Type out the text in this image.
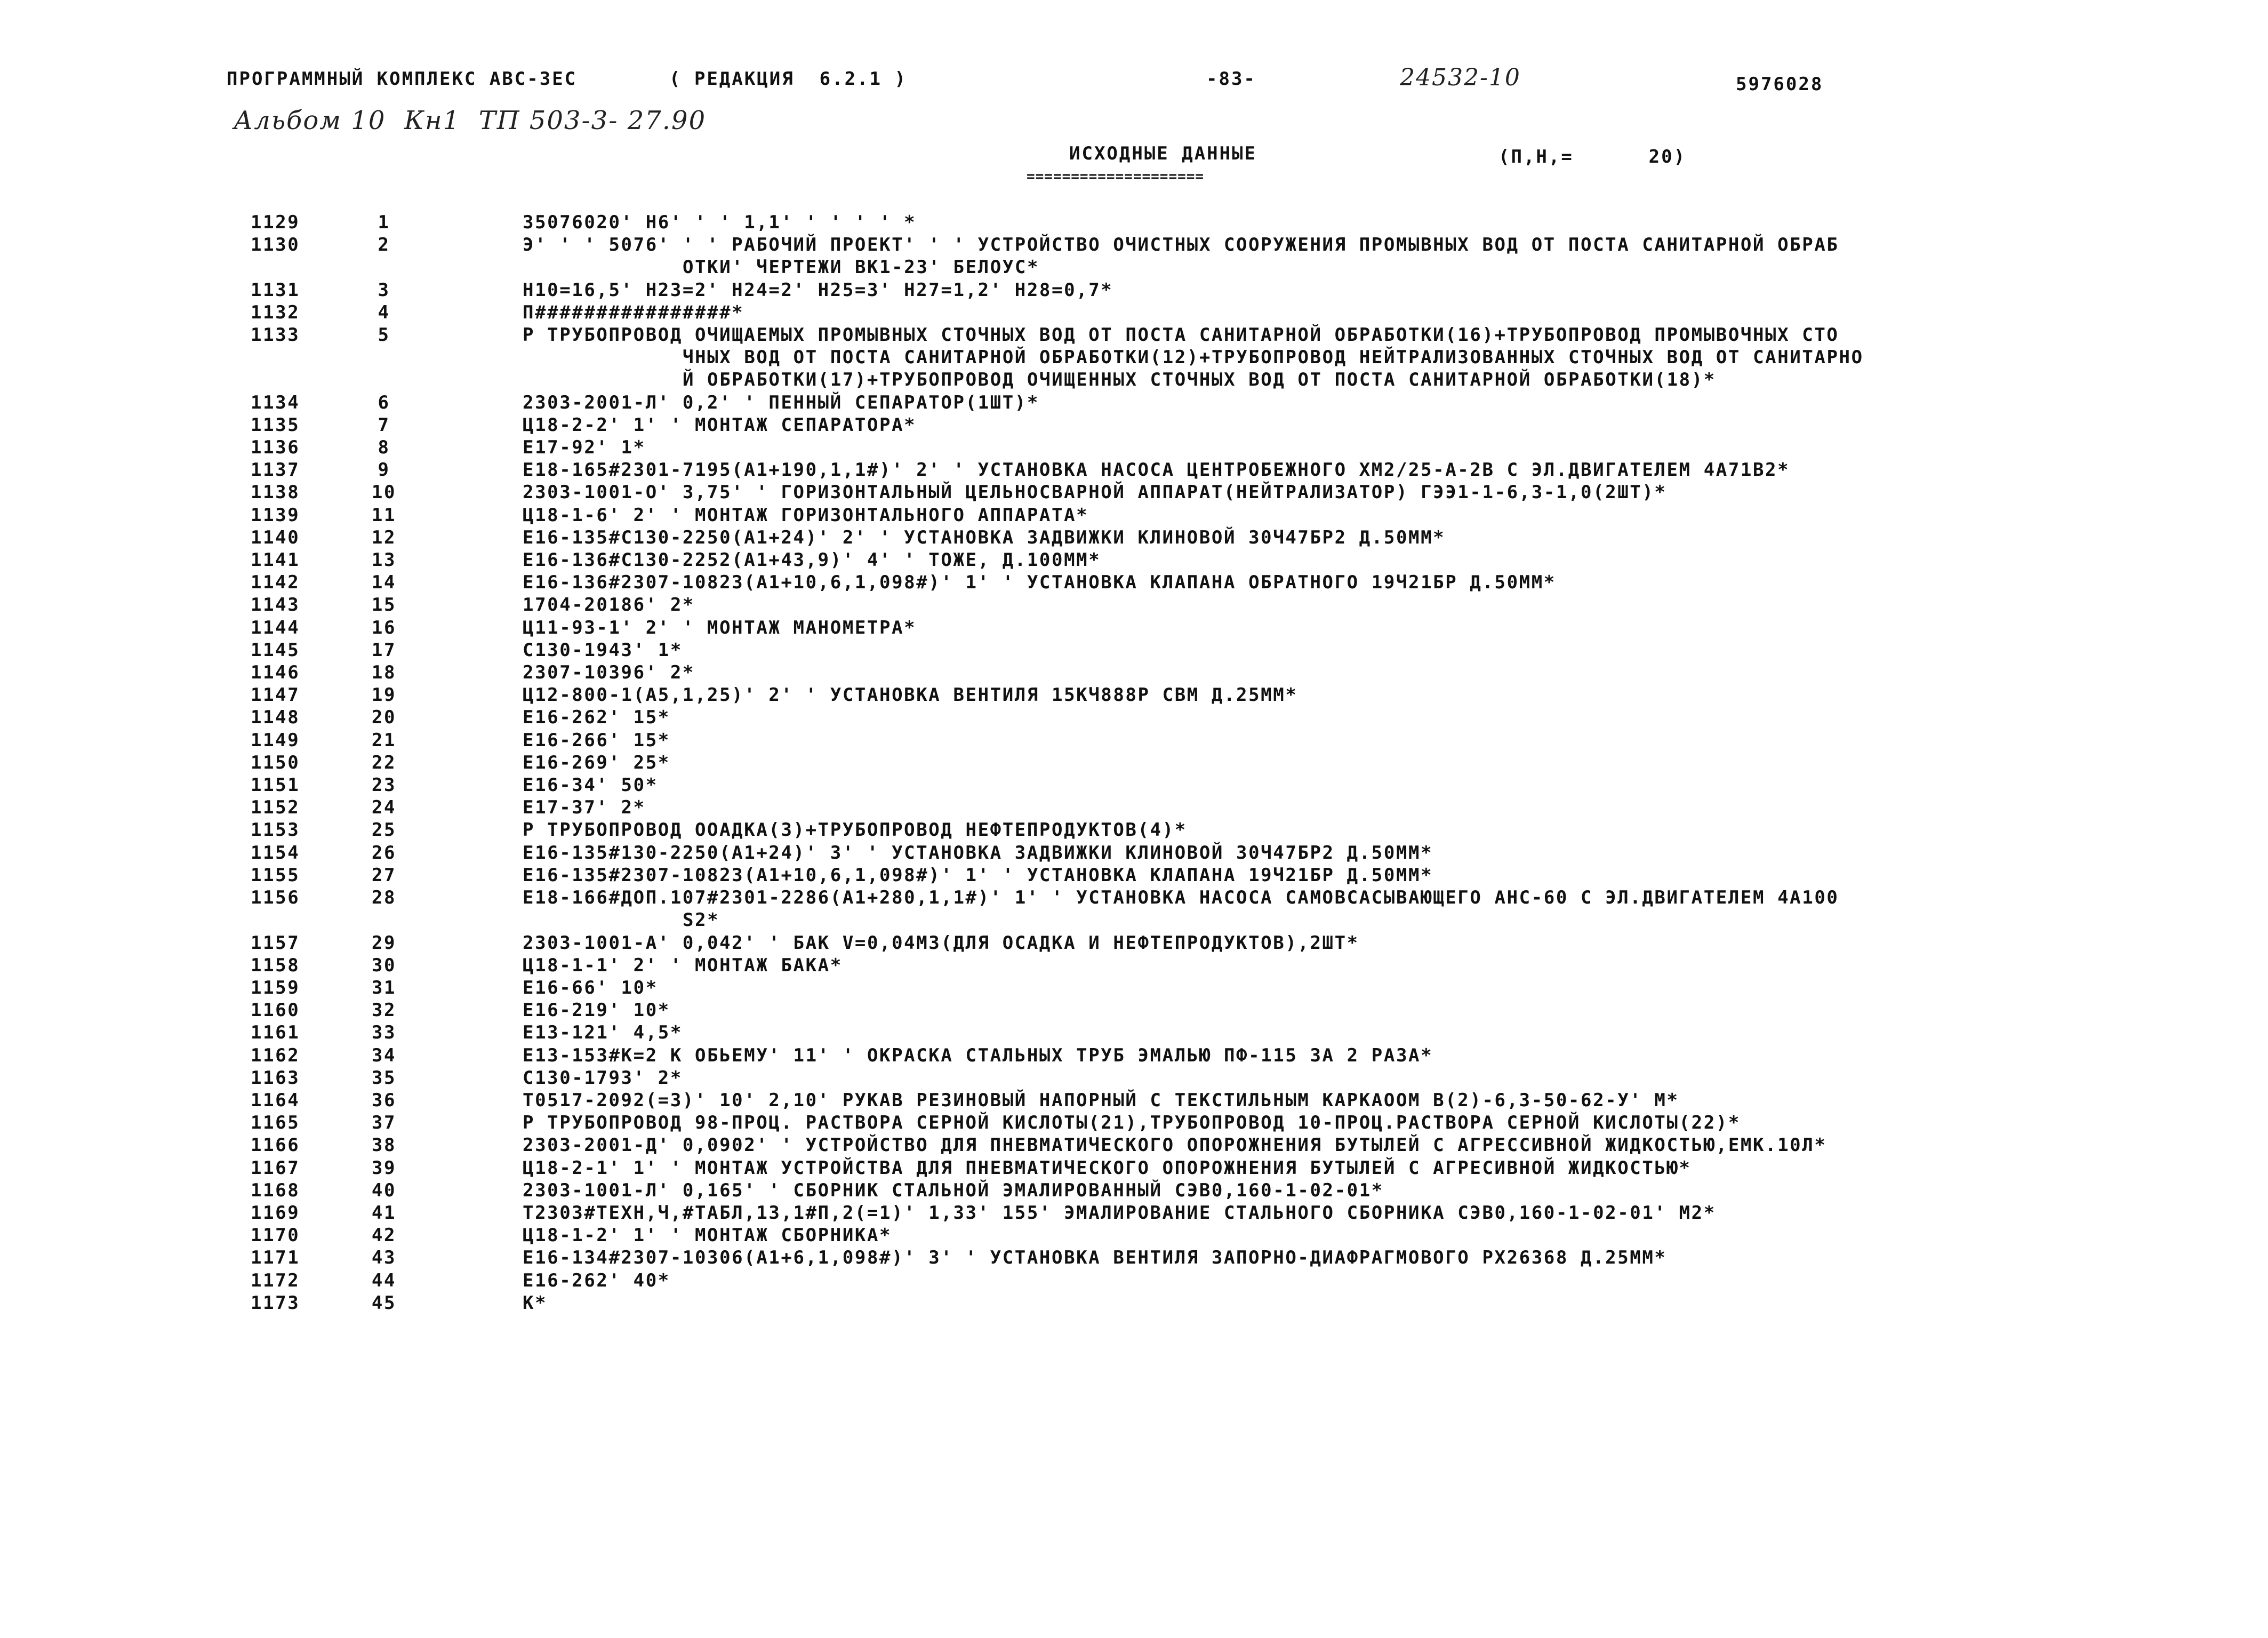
ПРОГРАММНЫЙ КОМПЛЕКС АВС-3ЕС	( РЕДАКЦИЯ  6.2.1 )	-83-	24532-10	5976028
Альбом 10  Кн1  ТП 503-3- 27.90
ИСХОДНЫЕ ДАННЫЕ
====================
(П,Н,=      20)
1129	1	35076020' Н6' ' ' 1,1' ' ' ' ' *
1130	2	Э' ' ' 5076' ' ' РАБОЧИЙ ПРОЕКТ' ' ' УСТРОЙСТВО ОЧИСТНЫХ СООРУЖЕНИЯ ПРОМЫВНЫХ ВОД ОТ ПОСТА САНИТАРНОЙ ОБРАБ
ОТКИ' ЧЕРТЕЖИ ВК1-23' БЕЛОУС*
1131	3	Н10=16,5' Н23=2' Н24=2' Н25=3' Н27=1,2' Н28=0,7*
1132	4	П################*
1133	5	Р ТРУБОПРОВОД ОЧИЩАЕМЫХ ПРОМЫВНЫХ СТОЧНЫХ ВОД ОТ ПОСТА САНИТАРНОЙ ОБРАБОТКИ(16)+ТРУБОПРОВОД ПРОМЫВОЧНЫХ СТО
ЧНЫХ ВОД ОТ ПОСТА САНИТАРНОЙ ОБРАБОТКИ(12)+ТРУБОПРОВОД НЕЙТРАЛИЗОВАННЫХ СТОЧНЫХ ВОД ОТ САНИТАРНО
Й ОБРАБОТКИ(17)+ТРУБОПРОВОД ОЧИЩЕННЫХ СТОЧНЫХ ВОД ОТ ПОСТА САНИТАРНОЙ ОБРАБОТКИ(18)*
1134	6	2303-2001-Л' 0,2' ' ПЕННЫЙ СЕПАРАТОР(1ШТ)*
1135	7	Ц18-2-2' 1' ' МОНТАЖ СЕПАРАТОРА*
1136	8	Е17-92' 1*
1137	9	Е18-165#2301-7195(А1+190,1,1#)' 2' ' УСТАНОВКА НАСОСА ЦЕНТРОБЕЖНОГО ХМ2/25-А-2В С ЭЛ.ДВИГАТЕЛЕМ 4А71В2*
1138	10	2303-1001-О' 3,75' ' ГОРИЗОНТАЛЬНЫЙ ЦЕЛЬНОСВАРНОЙ АППАРАТ(НЕЙТРАЛИЗАТОР) ГЭЭ1-1-6,3-1,0(2ШТ)*
1139	11	Ц18-1-6' 2' ' МОНТАЖ ГОРИЗОНТАЛЬНОГО АППАРАТА*
1140	12	Е16-135#С130-2250(А1+24)' 2' ' УСТАНОВКА ЗАДВИЖКИ КЛИНОВОЙ 30Ч47БР2 Д.50ММ*
1141	13	Е16-136#С130-2252(А1+43,9)' 4' ' ТОЖЕ, Д.100ММ*
1142	14	Е16-136#2307-10823(А1+10,6,1,098#)' 1' ' УСТАНОВКА КЛАПАНА ОБРАТНОГО 19Ч21БР Д.50ММ*
1143	15	1704-20186' 2*
1144	16	Ц11-93-1' 2' ' МОНТАЖ МАНОМЕТРА*
1145	17	С130-1943' 1*
1146	18	2307-10396' 2*
1147	19	Ц12-800-1(А5,1,25)' 2' ' УСТАНОВКА ВЕНТИЛЯ 15КЧ888Р СВМ Д.25ММ*
1148	20	Е16-262' 15*
1149	21	Е16-266' 15*
1150	22	Е16-269' 25*
1151	23	Е16-34' 50*
1152	24	Е17-37' 2*
1153	25	Р ТРУБОПРОВОД ООАДКА(3)+ТРУБОПРОВОД НЕФТЕПРОДУКТОВ(4)*
1154	26	Е16-135#130-2250(А1+24)' 3' ' УСТАНОВКА ЗАДВИЖКИ КЛИНОВОЙ 30Ч47БР2 Д.50ММ*
1155	27	Е16-135#2307-10823(А1+10,6,1,098#)' 1' ' УСТАНОВКА КЛАПАНА 19Ч21БР Д.50ММ*
1156	28	Е18-166#ДОП.107#2301-2286(А1+280,1,1#)' 1' ' УСТАНОВКА НАСОСА САМОВСАСЫВАЮЩЕГО АНС-60 С ЭЛ.ДВИГАТЕЛЕМ 4А100
S2*
1157	29	2303-1001-А' 0,042' ' БАК V=0,04М3(ДЛЯ ОСАДКА И НЕФТЕПРОДУКТОВ),2ШТ*
1158	30	Ц18-1-1' 2' ' МОНТАЖ БАКА*
1159	31	Е16-66' 10*
1160	32	Е16-219' 10*
1161	33	Е13-121' 4,5*
1162	34	Е13-153#К=2 К ОБЬЕМУ' 11' ' ОКРАСКА СТАЛЬНЫХ ТРУБ ЭМАЛЬЮ ПФ-115 ЗА 2 РАЗА*
1163	35	С130-1793' 2*
1164	36	Т0517-2092(=3)' 10' 2,10' РУКАВ РЕЗИНОВЫЙ НАПОРНЫЙ С ТЕКСТИЛЬНЫМ КАРКАООМ В(2)-6,3-50-62-У' М*
1165	37	Р ТРУБОПРОВОД 98-ПРОЦ. РАСТВОРА СЕРНОЙ КИСЛОТЫ(21),ТРУБОПРОВОД 10-ПРОЦ.РАСТВОРА СЕРНОЙ КИСЛОТЫ(22)*
1166	38	2303-2001-Д' 0,0902' ' УСТРОЙСТВО ДЛЯ ПНЕВМАТИЧЕСКОГО ОПОРОЖНЕНИЯ БУТЫЛЕЙ С АГРЕССИВНОЙ ЖИДКОСТЬЮ,ЕМК.10Л*
1167	39	Ц18-2-1' 1' ' МОНТАЖ УСТРОЙСТВА ДЛЯ ПНЕВМАТИЧЕСКОГО ОПОРОЖНЕНИЯ БУТЫЛЕЙ С АГРЕСИВНОЙ ЖИДКОСТЬЮ*
1168	40	2303-1001-Л' 0,165' ' СБОРНИК СТАЛЬНОЙ ЭМАЛИРОВАННЫЙ СЭВ0,160-1-02-01*
1169	41	Т2303#ТЕХН,Ч,#ТАБЛ,13,1#П,2(=1)' 1,33' 155' ЭМАЛИРОВАНИЕ СТАЛЬНОГО СБОРНИКА СЭВ0,160-1-02-01' М2*
1170	42	Ц18-1-2' 1' ' МОНТАЖ СБОРНИКА*
1171	43	Е16-134#2307-10306(А1+6,1,098#)' 3' ' УСТАНОВКА ВЕНТИЛЯ ЗАПОРНО-ДИАФРАГМОВОГО РХ26368 Д.25ММ*
1172	44	Е16-262' 40*
1173	45	К*
